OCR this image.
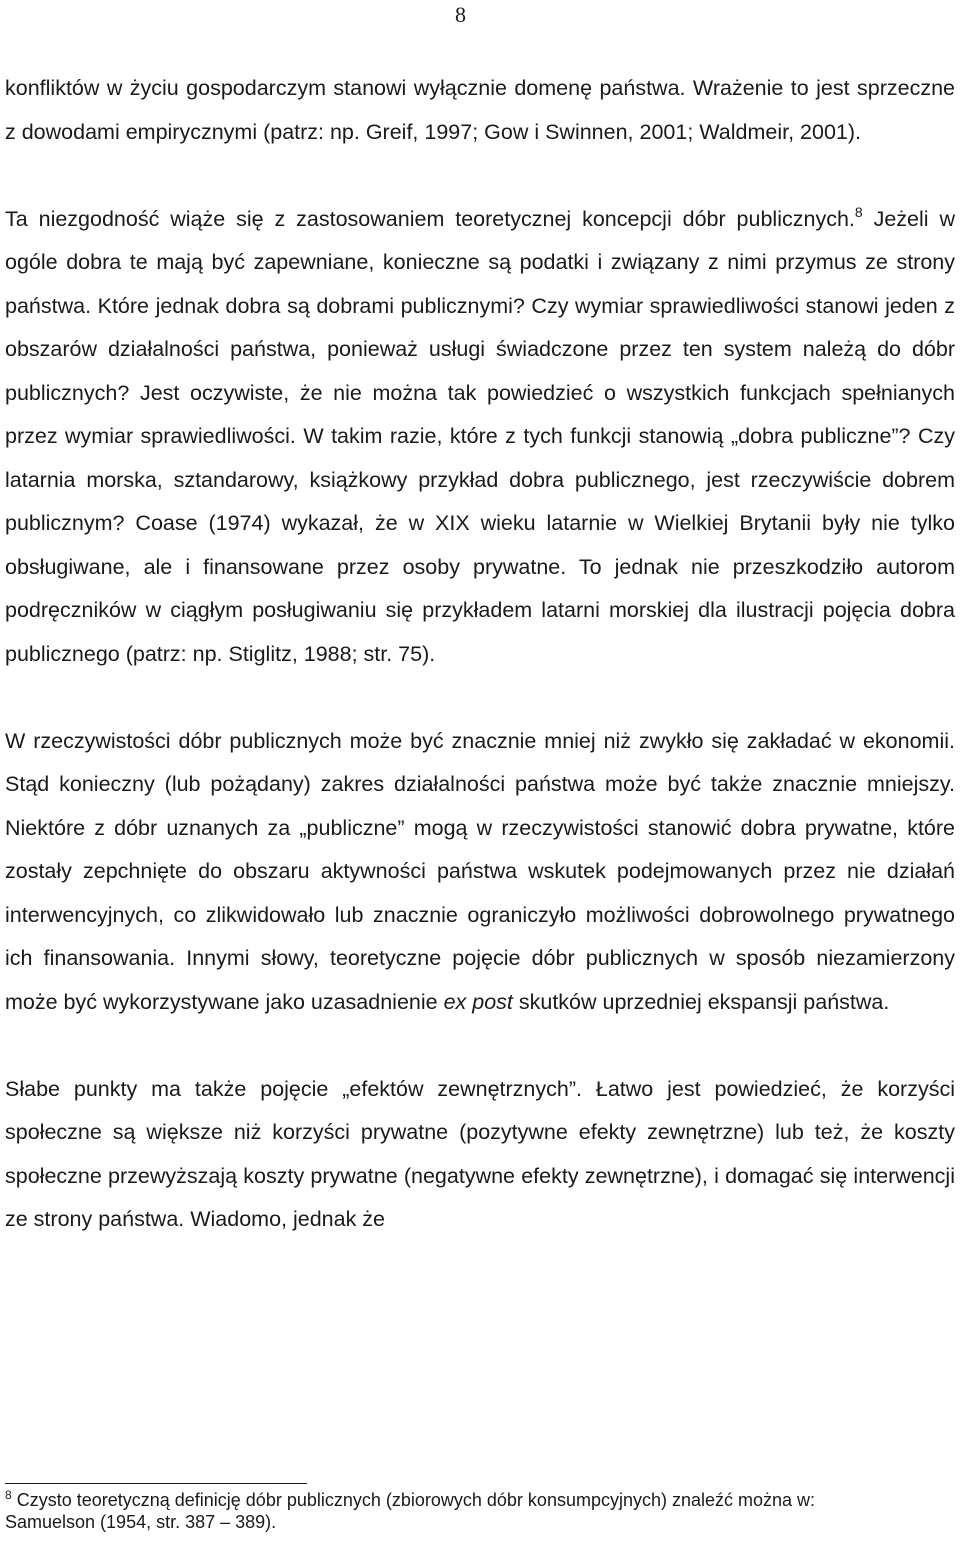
8

konfliktów w życiu gospodarczym stanowi wyłącznie domenę państwa. Wrażenie to jest sprzeczne z dowodami empirycznymi (patrz: np. Greif, 1997; Gow i Swinnen, 2001; Waldmeir, 2001).

Ta niezgodność wiąże się z zastosowaniem teoretycznej koncepcji dóbr publicznych.$^8$ Jeżeli w ogóle dobra te mają być zapewniane, konieczne są podatki i związany z nimi przymus ze strony państwa. Które jednak dobra są dobrami publicznymi? Czy wymiar sprawiedliwości stanowi jeden z obszarów działalności państwa, ponieważ usługi świadczone przez ten system należą do dóbr publicznych? Jest oczywiste, że nie można tak powiedzieć o wszystkich funkcjach spełnianych przez wymiar sprawiedliwości. W takim razie, które z tych funkcji stanowią „dobra publiczne”? Czy latarnia morska, sztandarowy, książkowy przykład dobra publicznego, jest rzeczywiście dobrem publicznym? Coase (1974) wykazał, że w XIX wieku latarnie w Wielkiej Brytanii były nie tylko obsługiwane, ale i finansowane przez osoby prywatne. To jednak nie przeszkodziło autorom podręczników w ciągłym posługiwaniu się przykładem latarni morskiej dla ilustracji pojęcia dobra publicznego (patrz: np. Stiglitz, 1988; str. 75).

W rzeczywistości dóbr publicznych może być znacznie mniej niż zwykło się zakładać w ekonomii. Stąd konieczny (lub pożądany) zakres działalności państwa może być także znacznie mniejszy. Niektóre z dóbr uznanych za „publiczne” mogą w rzeczywistości stanowić dobra prywatne, które zostały zepchnięte do obszaru aktywności państwa wskutek podejmowanych przez nie działań interwencyjnych, co zlikwidowało lub znacznie ograniczyło możliwości dobrowolnego prywatnego ich finansowania. Innymi słowy, teoretyczne pojęcie dóbr publicznych w sposób niezamierzony może być wykorzystywane jako uzasadnienie ex post skutków uprzedniej ekspansji państwa.

Słabe punkty ma także pojęcie „efektów zewnętrznych”. Łatwo jest powiedzieć, że korzyści społeczne są większe niż korzyści prywatne (pozytywne efekty zewnętrzne) lub też, że koszty społeczne przewyższają koszty prywatne (negatywne efekty zewnętrzne), i domagać się interwencji ze strony państwa. Wiadomo, jednak że

$^8$ Czysto teoretyczną definicję dóbr publicznych (zbiorowych dóbr konsumpcyjnych) znaleźć można w:
Samuelson (1954, str. 387 – 389).
